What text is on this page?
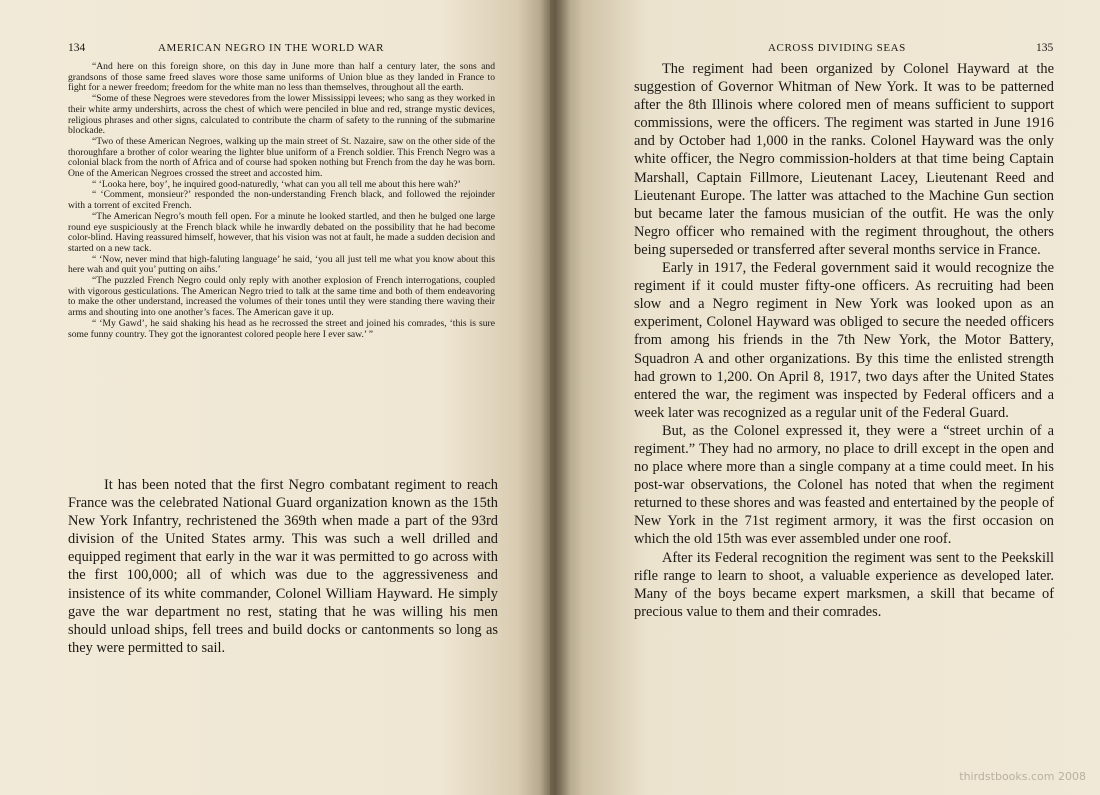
134	AMERICAN NEGRO IN THE WORLD WAR

“And here on this foreign shore, on this day in June more than half a century later, the sons and grandsons of those same freed slaves wore those same uniforms of Union blue as they landed in France to fight for a newer freedom; freedom for the white man no less than themselves, throughout all the earth.

“Some of these Negroes were stevedores from the lower Mississippi levees; who sang as they worked in their white army undershirts, across the chest of which were penciled in blue and red, strange mystic devices, religious phrases and other signs, calculated to contribute the charm of safety to the running of the submarine blockade.

“Two of these American Negroes, walking up the main street of St. Nazaire, saw on the other side of the thoroughfare a brother of color wearing the lighter blue uniform of a French soldier. This French Negro was a colonial black from the north of Africa and of course had spoken nothing but French from the day he was born. One of the American Negroes crossed the street and accosted him.

“ ‘Looka here, boy’, he inquired good-naturedly, ‘what can you all tell me about this here wah?’

“ ‘Comment, monsieur?’ responded the non-understanding French black, and followed the rejoinder with a torrent of excited French.

“The American Negro’s mouth fell open. For a minute he looked startled, and then he bulged one large round eye suspiciously at the French black while he inwardly debated on the possibility that he had become color-blind. Having reassured himself, however, that his vision was not at fault, he made a sudden decision and started on a new tack.

“ ‘Now, never mind that high-faluting language’ he said, ‘you all just tell me what you know about this here wah and quit you’ putting on aihs.’

“The puzzled French Negro could only reply with another explosion of French interrogations, coupled with vigorous gesticulations. The American Negro tried to talk at the same time and both of them endeavoring to make the other understand, increased the volumes of their tones until they were standing there waving their arms and shouting into one another’s faces. The American gave it up.

“ ‘My Gawd’, he said shaking his head as he recrossed the street and joined his comrades, ‘this is sure some funny country. They got the ignorantest colored people here I ever saw.’ ”

It has been noted that the first Negro combatant regiment to reach France was the celebrated National Guard organization known as the 15th New York Infantry, rechristened the 369th when made a part of the 93rd division of the United States army. This was such a well drilled and equipped regiment that early in the war it was permitted to go across with the first 100,000; all of which was due to the aggressiveness and insistence of its white commander, Colonel William Hayward. He simply gave the war department no rest, stating that he was willing his men should unload ships, fell trees and build docks or cantonments so long as they were permitted to sail.

ACROSS DIVIDING SEAS	135

The regiment had been organized by Colonel Hayward at the suggestion of Governor Whitman of New York. It was to be patterned after the 8th Illinois where colored men of means sufficient to support commissions, were the officers. The regiment was started in June 1916 and by October had 1,000 in the ranks. Colonel Hayward was the only white officer, the Negro commission-holders at that time being Captain Marshall, Captain Fillmore, Lieutenant Lacey, Lieutenant Reed and Lieutenant Europe. The latter was attached to the Machine Gun section but became later the famous musician of the outfit. He was the only Negro officer who remained with the regiment throughout, the others being superseded or transferred after several months service in France.

Early in 1917, the Federal government said it would recognize the regiment if it could muster fifty-one officers. As recruiting had been slow and a Negro regiment in New York was looked upon as an experiment, Colonel Hayward was obliged to secure the needed officers from among his friends in the 7th New York, the Motor Battery, Squadron A and other organizations. By this time the enlisted strength had grown to 1,200. On April 8, 1917, two days after the United States entered the war, the regiment was inspected by Federal officers and a week later was recognized as a regular unit of the Federal Guard.

But, as the Colonel expressed it, they were a “street urchin of a regiment.” They had no armory, no place to drill except in the open and no place where more than a single company at a time could meet. In his post-war observations, the Colonel has noted that when the regiment returned to these shores and was feasted and entertained by the people of New York in the 71st regiment armory, it was the first occasion on which the old 15th was ever assembled under one roof.

After its Federal recognition the regiment was sent to the Peekskill rifle range to learn to shoot, a valuable experience as developed later. Many of the boys became expert marksmen, a skill that became of precious value to them and their comrades.

thirdstbooks.com 2008
